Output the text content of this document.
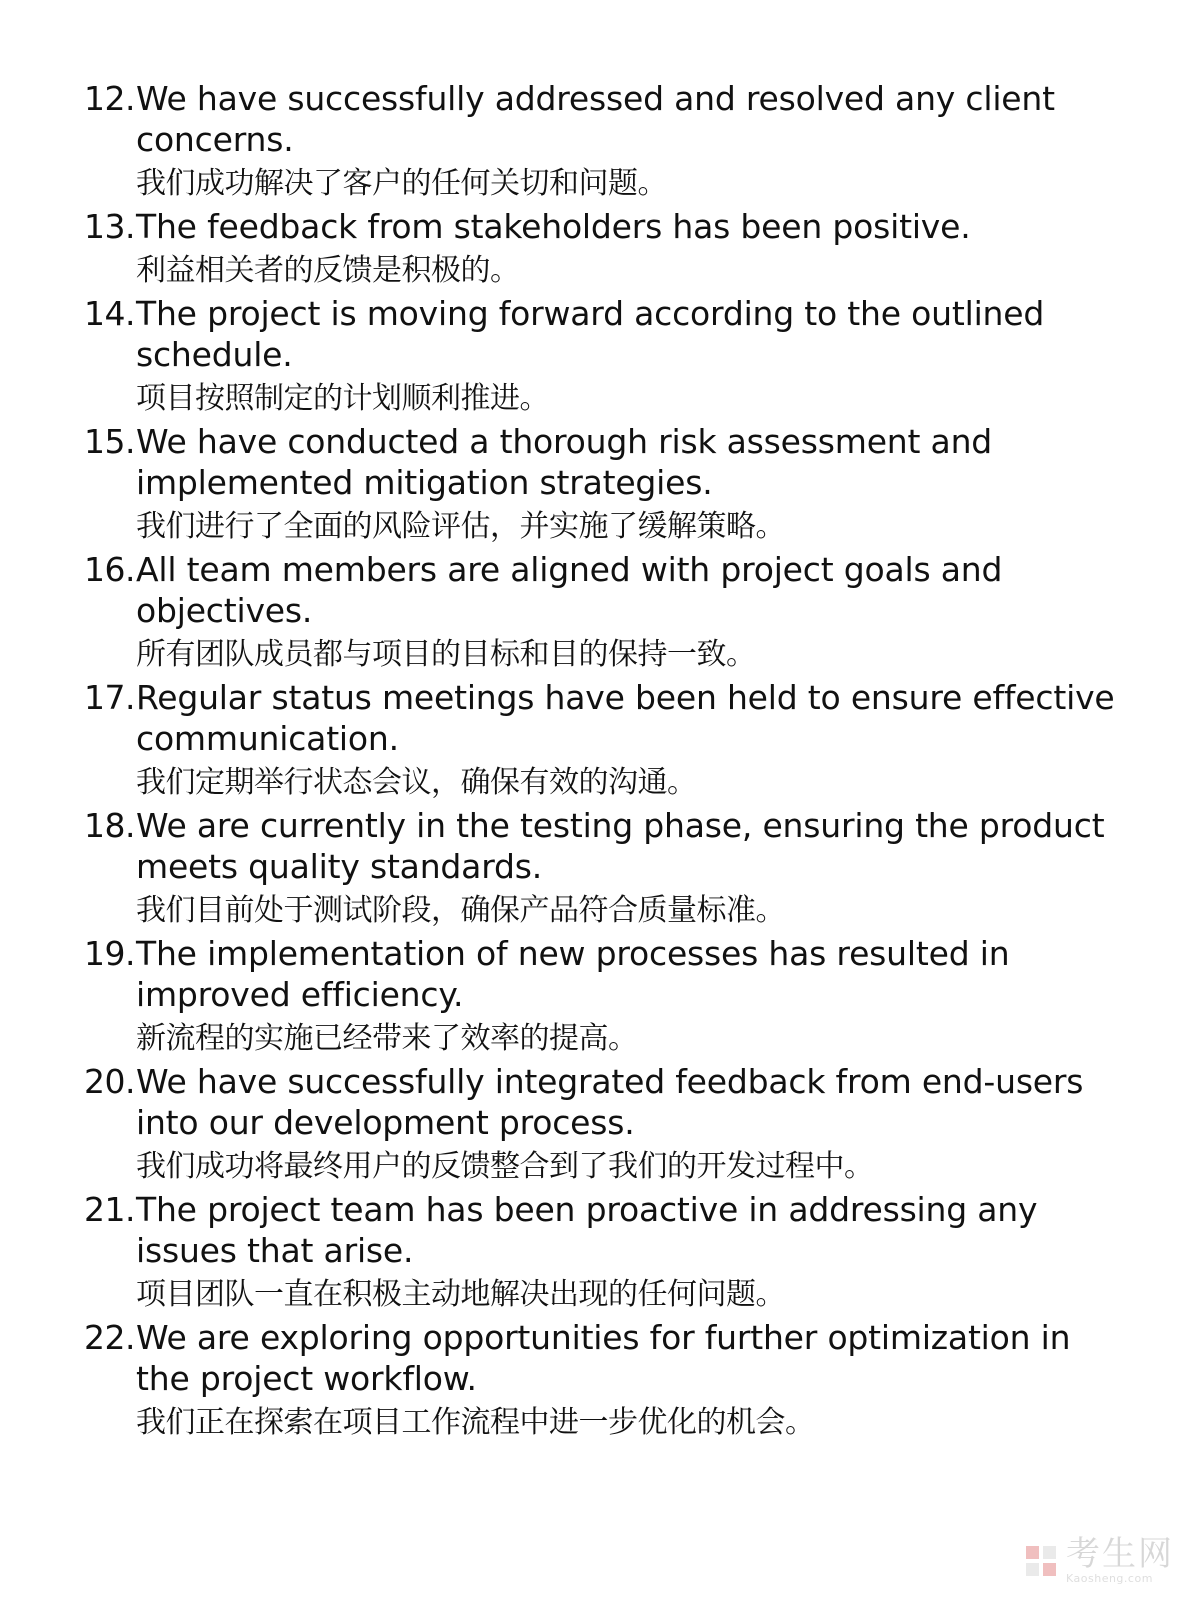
12. We have successfully addressed and resolved any client concerns.

我们成功解决了客户的任何关切和问题。

13. The feedback from stakeholders has been positive.

利益相关者的反馈是积极的。

14. The project is moving forward according to the outlined schedule.

项目按照制定的计划顺利推进。

15. We have conducted a thorough risk assessment and implemented mitigation strategies.

我们进行了全面的风险评估，并实施了缓解策略。

16. All team members are aligned with project goals and objectives.

所有团队成员都与项目的目标和目的保持一致。

17. Regular status meetings have been held to ensure effective communication.

我们定期举行状态会议，确保有效的沟通。

18. We are currently in the testing phase, ensuring the product meets quality standards.

我们目前处于测试阶段，确保产品符合质量标准。

19. The implementation of new processes has resulted in improved efficiency.

新流程的实施已经带来了效率的提高。

20. We have successfully integrated feedback from end-users into our development process.

我们成功将最终用户的反馈整合到了我们的开发过程中。

21. The project team has been proactive in addressing any issues that arise.

项目团队一直在积极主动地解决出现的任何问题。

22. We are exploring opportunities for further optimization in the project workflow.

我们正在探索在项目工作流程中进一步优化的机会。

考生网
Kaosheng.com
